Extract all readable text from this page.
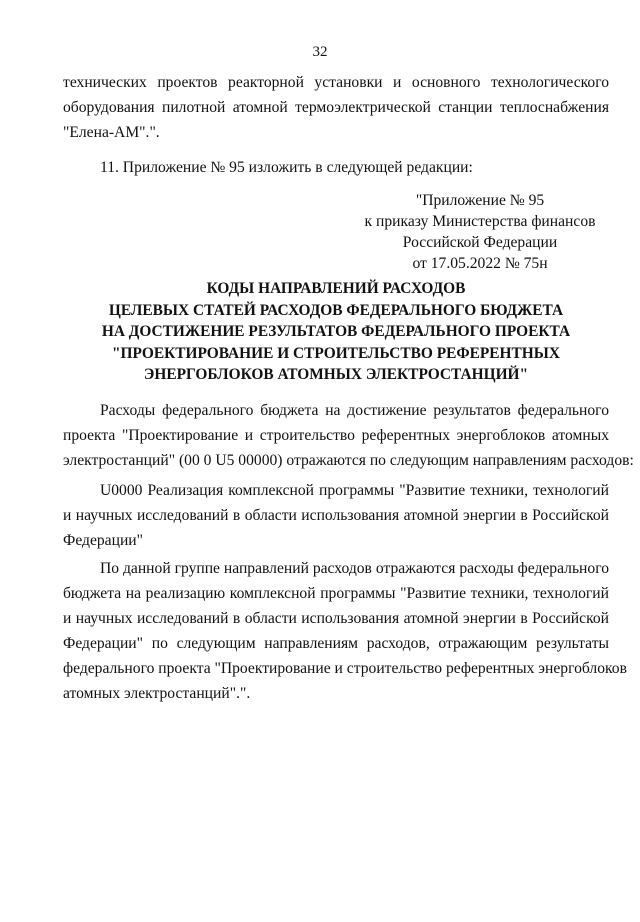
32
технических проектов реакторной установки и основного технологического
оборудования пилотной атомной термоэлектрической станции теплоснабжения
"Елена-АМ".".
11. Приложение № 95 изложить в следующей редакции:
"Приложение № 95
к приказу Министерства финансов
Российской Федерации
от 17.05.2022 № 75н
КОДЫ НАПРАВЛЕНИЙ РАСХОДОВ
ЦЕЛЕВЫХ СТАТЕЙ РАСХОДОВ ФЕДЕРАЛЬНОГО БЮДЖЕТА
НА ДОСТИЖЕНИЕ РЕЗУЛЬТАТОВ ФЕДЕРАЛЬНОГО ПРОЕКТА
"ПРОЕКТИРОВАНИЕ И СТРОИТЕЛЬСТВО РЕФЕРЕНТНЫХ
ЭНЕРГОБЛОКОВ АТОМНЫХ ЭЛЕКТРОСТАНЦИЙ"
Расходы федерального бюджета на достижение результатов федерального
проекта "Проектирование и строительство референтных энергоблоков атомных
электростанций" (00 0 U5 00000) отражаются по следующим направлениям расходов:
U0000 Реализация комплексной программы "Развитие техники, технологий
и научных исследований в области использования атомной энергии в Российской
Федерации"
По данной группе направлений расходов отражаются расходы федерального
бюджета на реализацию комплексной программы "Развитие техники, технологий
и научных исследований в области использования атомной энергии в Российской
Федерации" по следующим направлениям расходов, отражающим результаты
федерального проекта "Проектирование и строительство референтных энергоблоков
атомных электростанций".".
